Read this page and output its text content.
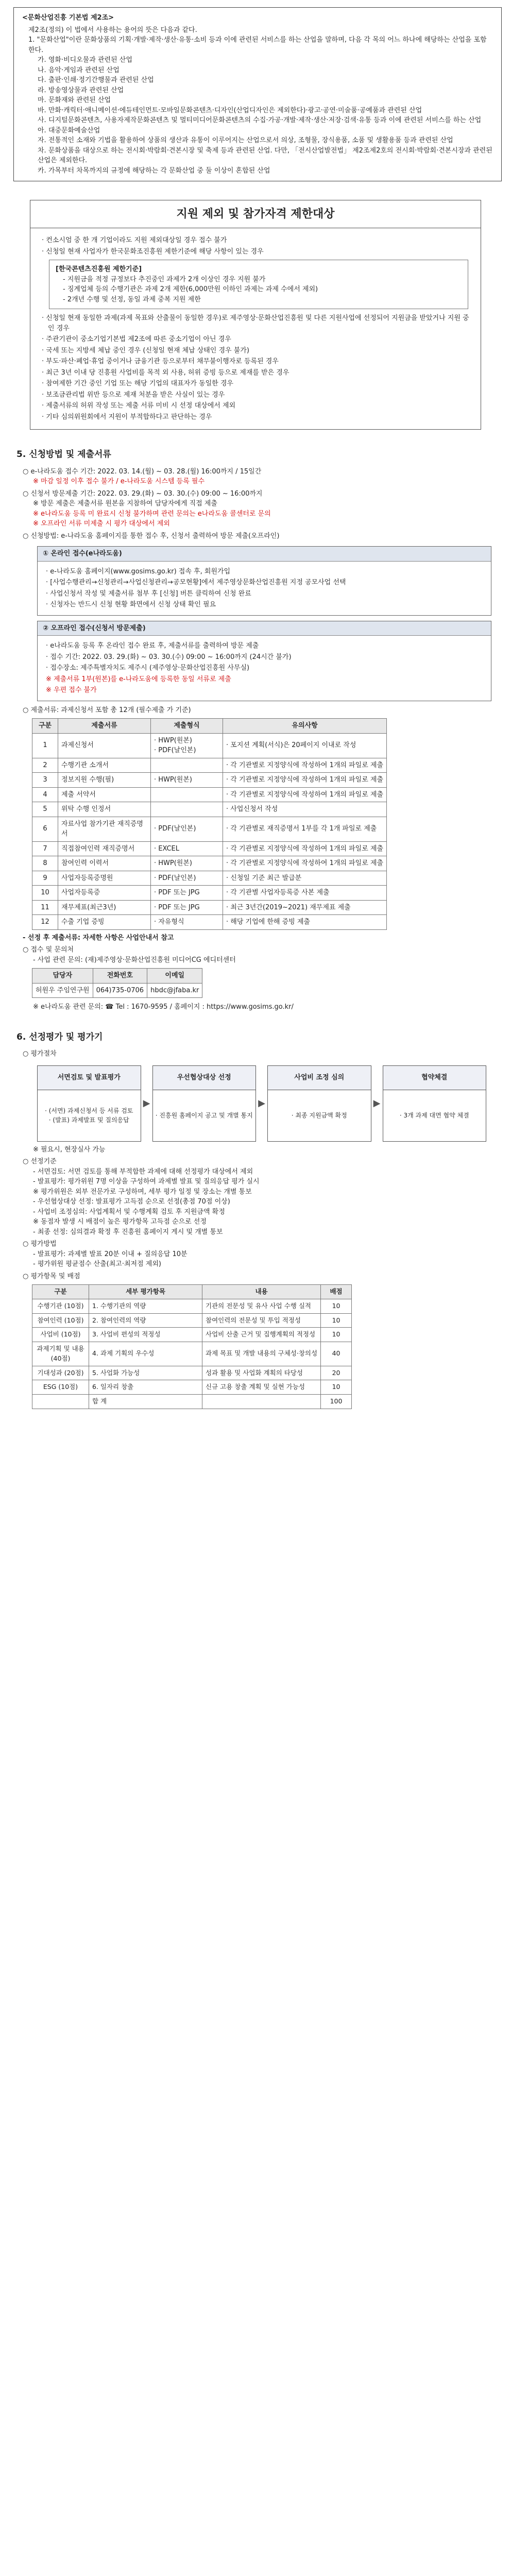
<문화산업진흥 기본법 제2조>
제2조(정의) 이 법에서 사용하는 용어의 뜻은 다음과 같다.
1. "문화산업"이란 문화상품의 기획·개발·제작·생산·유통·소비 등과 이에 관련된 서비스를 하는 산업을 말하며, 다음 각 목의 어느 하나에 해당하는 산업을 포함한다.
가. 영화·비디오물과 관련된 산업
나. 음악·게임과 관련된 산업
다. 출판·인쇄·정기간행물과 관련된 산업
라. 방송영상물과 관련된 산업
마. 문화재와 관련된 산업
바. 만화·캐릭터·애니메이션·에듀테인먼트·모바일문화콘텐츠·디자인(산업디자인은 제외한다)·광고·공연·미술품·공예품과 관련된 산업
사. 디지털문화콘텐츠, 사용자제작문화콘텐츠 및 멀티미디어문화콘텐츠의 수집·가공·개발·제작·생산·저장·검색·유통 등과 이에 관련된 서비스를 하는 산업
아. 대중문화예술산업
자. 전통적인 소재와 기법을 활용하여 상품의 생산과 유통이 이루어지는 산업으로서 의상, 조형물, 장식용품, 소품 및 생활용품 등과 관련된 산업
차. 문화상품을 대상으로 하는 전시회·박람회·견본시장 및 축제 등과 관련된 산업. 다만, 「전시산업발전법」 제2조제2호의 전시회·박람회·견본시장과 관련된 산업은 제외한다.
카. 가목부터 차목까지의 규정에 해당하는 각 문화산업 중 둘 이상이 혼합된 산업
지원 제외 및 참가자격 제한대상
· 컨소시엄 중 한 개 기업이라도 지원 제외대상일 경우 접수 불가
· 신청일 현재 사업자가 한국문화조진흥원 제한기준에 해당 사항이 있는 경우
[한국콘텐츠진흥원 제한기준]
- 지원금을 적정 규정보다 추진중인 과제가 2개 이상인 경우 지원 불가
- 징계업체 등의 수행기관은 과제 2개 제한(6,000만원 이하인 과제는 과제 수에서 제외)
- 2개년 수행 및 선정, 동일 과제 중복 지원 제한
· 신청일 현재 동일한 과제(과제 목표와 산출물이 동일한 경우)로 제주영상·문화산업진흥원 및 다른 지원사업에 선정되어 지원금을 받았거나 지원 중인 경우
· 주관기관이 중소기업기본법 제2조에 따른 중소기업이 아닌 경우
· 국세 또는 지방세 체납 중인 경우 (신청일 현재 체납 상태인 경우 불가)
· 부도·파산·폐업·휴업 중이거나 금융기관 등으로부터 채무불이행자로 등록된 경우
· 최근 3년 이내 당 진흥원 사업비를 목적 외 사용, 허위 증빙 등으로 제재를 받은 경우
· 참여제한 기간 중인 기업 또는 해당 기업의 대표자가 동일한 경우
· 보조금관리법 위반 등으로 제재 처분을 받은 사실이 있는 경우
· 제출서류의 허위 작성 또는 제출 서류 미비 시 선정 대상에서 제외
· 기타 심의위원회에서 지원이 부적합하다고 판단하는 경우
5. 신청방법 및 제출서류
○ e-나라도움 접수 기간: 2022. 03. 14.(월) ~ 03. 28.(월) 16:00까지 / 15일간
※ 마감 일정 이후 접수 불가 / e-나라도움 시스템 등록 필수
○ 신청서 방문제출 기간: 2022. 03. 29.(화) ~ 03. 30.(수) 09:00 ~ 16:00까지
※ 방문 제출은 제출서류 원본을 지참하여 담당자에게 직접 제출
※ e나라도움 등록 미 완료시 신청 불가하며 관련 문의는 e나라도움 콜센터로 문의
※ 오프라인 서류 미제출 시 평가 대상에서 제외
○ 신청방법: e-나라도움 홈페이지를 통한 접수 후, 신청서 출력하여 방문 제출(오프라인)
① 온라인 접수(e나라도움)
· e-나라도움 홈페이지(www.gosims.go.kr) 접속 후, 회원가입
· [사업수행관리→신청관리→사업신청관리→공모현황]에서 제주영상문화산업진흥원 지정 공모사업 선택
· 사업신청서 작성 및 제출서류 첨부 후 [신청] 버튼 클릭하여 신청 완료
· 신청자는 반드시 신청 현황 화면에서 신청 상태 확인 필요
② 오프라인 접수(신청서 방문제출)
· e나라도움 등록 후 온라인 접수 완료 후, 제출서류를 출력하여 방문 제출
· 접수 기간: 2022. 03. 29.(화) ~ 03. 30.(수) 09:00 ~ 16:00까지 (24시간 불가)
· 접수장소: 제주특별자치도 제주시 (제주영상·문화산업진흥원 사무실)
※ 제출서류 1부(원본)를 e-나라도움에 등록한 동일 서류로 제출
※ 우편 접수 불가
○ 제출서류: 과제신청서 포함 총 12개 (필수제출 가 기준)
구분	제출서류	제출형식	유의사항
1	과제신청서	· HWP(원본)
· PDF(날인본)	· 포지션 계획(서식)은 20페이지 이내로 작성
2	수행기관 소개서		· 각 기관별로 지정양식에 작성하여 1개의 파일로 제출
3	정보지원 수행(필)	· HWP(원본)	· 각 기관별로 지정양식에 작성하여 1개의 파일로 제출
4	제출 서약서		· 각 기관별로 지정양식에 작성하여 1개의 파일로 제출
5	위탁 수행 인정서		· 사업신청서 작성
6	자료사업 참가기관 재직증명서	· PDF(날인본)	· 각 기관별로 재직증명서 1부를 각 1개 파일로 제출
7	직접참여인력 재직증명서	· EXCEL	· 각 기관별로 지정양식에 작성하여 1개의 파일로 제출
8	참여인력 이력서	· HWP(원본)	· 각 기관별로 지정양식에 작성하여 1개의 파일로 제출
9	사업자등록증명원	· PDF(날인본)	· 신청일 기준 최근 발급분
10	사업자등록증	· PDF 또는 JPG	· 각 기관별 사업자등록증 사본 제출
11	재무제표(최근3년)	· PDF 또는 JPG	· 최근 3년간(2019~2021) 재무제표 제출
12	수출 기업 증빙	· 자유형식	· 해당 기업에 한해 증빙 제출
- 선정 후 제출서류: 자세한 사항은 사업안내서 참고
○ 접수 및 문의처
- 사업 관련 문의: (재)제주영상·문화산업진흥원 미디어CG 에디터센터
담당자	전화번호	이메일
허원우 주임연구원	064)735-0706	hbdc@jfaba.kr
※ e나라도움 관련 문의: ☎ Tel : 1670-9595 / 홈페이지 : https://www.gosims.go.kr/
6. 선정평가 및 평가기
○ 평가절차
서면검토 및 발표평가
· (서면) 과제신청서 등 서류 검토
· (발표) 과제발표 및 질의응답
▶
우선협상대상 선정
· 진흥원 홈페이지 공고 및 개별 통지
▶
사업비 조정 심의
· 최종 지원금액 확정
▶
협약체결
· 3개 과제 대면 협약 체결
※ 필요시, 현장실사 가능
○ 선정기준
- 서면검토: 서면 검토를 통해 부적합한 과제에 대해 선정평가 대상에서 제외
- 발표평가: 평가위원 7명 이상을 구성하여 과제별 발표 및 질의응답 평가 실시
※ 평가위원은 외부 전문가로 구성하며, 세부 평가 일정 및 장소는 개별 통보
- 우선협상대상 선정: 발표평가 고득점 순으로 선정(총점 70점 이상)
- 사업비 조정심의: 사업계획서 및 수행계획 검토 후 지원금액 확정
※ 동점자 발생 시 배점이 높은 평가항목 고득점 순으로 선정
- 최종 선정: 심의결과 확정 후 진흥원 홈페이지 게시 및 개별 통보
○ 평가방법
- 발표평가: 과제별 발표 20분 이내 + 질의응답 10분
- 평가위원 평균점수 산출(최고·최저점 제외)
○ 평가항목 및 배점
구분	세부 평가항목	내용	배점
수행기관 (10점)	1. 수행기관의 역량	기관의 전문성 및 유사 사업 수행 실적	10
참여인력 (10점)	2. 참여인력의 역량	참여인력의 전문성 및 투입 적정성	10
사업비 (10점)	3. 사업비 편성의 적정성	사업비 산출 근거 및 집행계획의 적정성	10
과제기획 및 내용 (40점)	4. 과제 기획의 우수성	과제 목표 및 개발 내용의 구체성·창의성	40
기대성과 (20점)	5. 사업화 가능성	성과 활용 및 사업화 계획의 타당성	20
ESG (10점)	6. 일자리 창출	신규 고용 창출 계획 및 실현 가능성	10
	합 계		100
